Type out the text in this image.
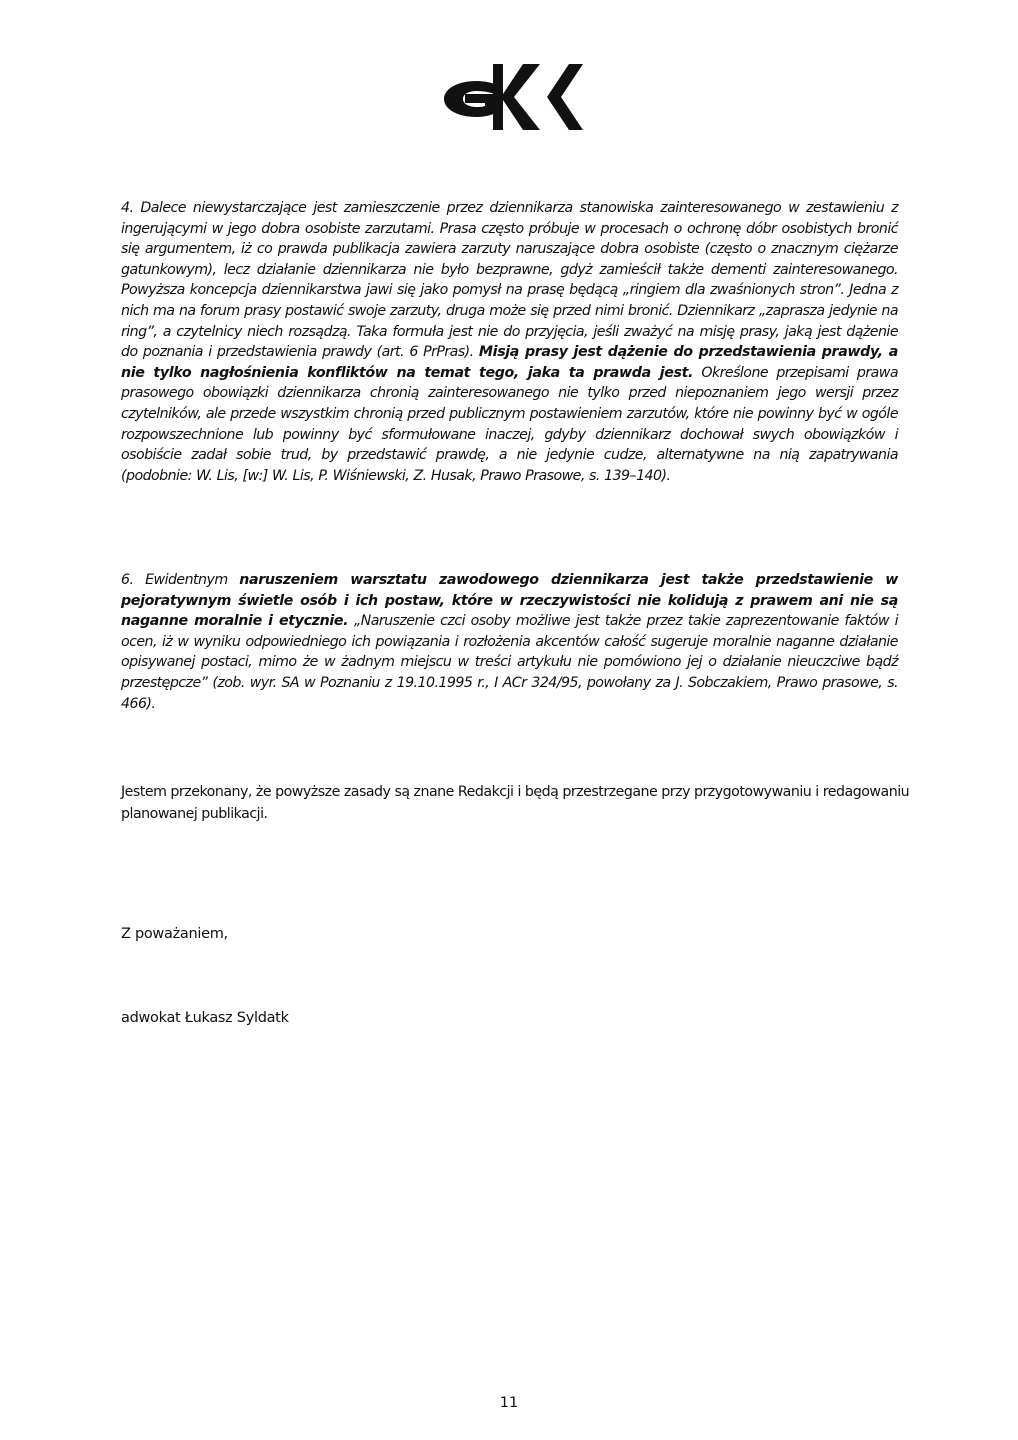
4. Dalece niewystarczające jest zamieszczenie przez dziennikarza stanowiska zainteresowanego w zestawieniu z ingerującymi w jego dobra osobiste zarzutami. Prasa często próbuje w procesach o ochronę dóbr osobistych bronić się argumentem, iż co prawda publikacja zawiera zarzuty naruszające dobra osobiste (często o znacznym ciężarze gatunkowym), lecz działanie dziennikarza nie było bezprawne, gdyż zamieścił także dementi zainteresowanego. Powyższa koncepcja dziennikarstwa jawi się jako pomysł na prasę będącą „ringiem dla zwaśnionych stron”. Jedna z nich ma na forum prasy postawić swoje zarzuty, druga może się przed nimi bronić. Dziennikarz „zaprasza jedynie na ring”, a czytelnicy niech rozsądzą. Taka formuła jest nie do przyjęcia, jeśli zważyć na misję prasy, jaką jest dążenie do poznania i przedstawienia prawdy (art. 6 PrPras). Misją prasy jest dążenie do przedstawienia prawdy, a nie tylko nagłośnienia konfliktów na temat tego, jaka ta prawda jest. Określone przepisami prawa prasowego obowiązki dziennikarza chronią zainteresowanego nie tylko przed niepoznaniem jego wersji przez czytelników, ale przede wszystkim chronią przed publicznym postawieniem zarzutów, które nie powinny być w ogóle rozpowszechnione lub powinny być sformułowane inaczej, gdyby dziennikarz dochował swych obowiązków i osobiście zadał sobie trud, by przedstawić prawdę, a nie jedynie cudze, alternatywne na nią zapatrywania (podobnie: W. Lis, [w:] W. Lis, P. Wiśniewski, Z. Husak, Prawo Prasowe, s. 139–140).
6. Ewidentnym naruszeniem warsztatu zawodowego dziennikarza jest także przedstawienie w pejoratywnym świetle osób i ich postaw, które w rzeczywistości nie kolidują z prawem ani nie są naganne moralnie i etycznie. „Naruszenie czci osoby możliwe jest także przez takie zaprezentowanie faktów i ocen, iż w wyniku odpowiedniego ich powiązania i rozłożenia akcentów całość sugeruje moralnie naganne działanie opisywanej postaci, mimo że w żadnym miejscu w treści artykułu nie pomówiono jej o działanie nieuczciwe bądź przestępcze” (zob. wyr. SA w Poznaniu z 19.10.1995 r., I ACr 324/95, powołany za J. Sobczakiem, Prawo prasowe, s. 466).
Jestem przekonany, że powyższe zasady są znane Redakcji i będą przestrzegane przy przygotowywaniu i redagowaniu planowanej publikacji.
Z poważaniem,
adwokat Łukasz Syldatk
11
